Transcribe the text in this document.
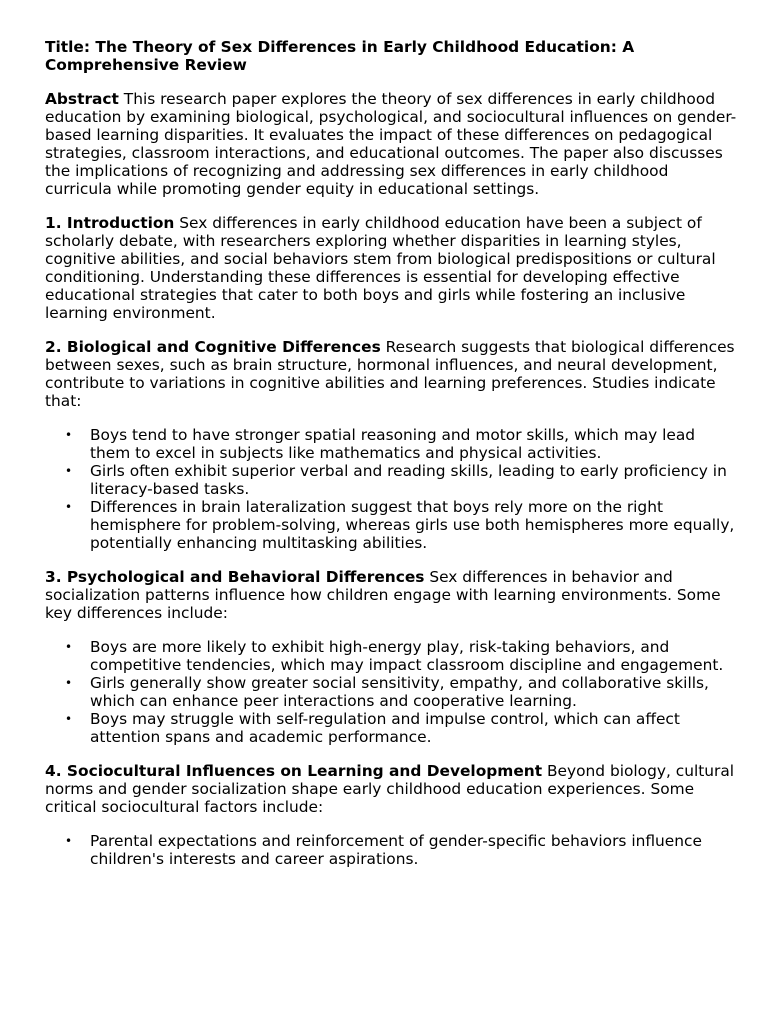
Title: The Theory of Sex Differences in Early Childhood Education: A Comprehensive Review

Abstract This research paper explores the theory of sex differences in early childhood education by examining biological, psychological, and sociocultural influences on gender-based learning disparities. It evaluates the impact of these differences on pedagogical strategies, classroom interactions, and educational outcomes. The paper also discusses the implications of recognizing and addressing sex differences in early childhood curricula while promoting gender equity in educational settings.

1. Introduction Sex differences in early childhood education have been a subject of scholarly debate, with researchers exploring whether disparities in learning styles, cognitive abilities, and social behaviors stem from biological predispositions or cultural conditioning. Understanding these differences is essential for developing effective educational strategies that cater to both boys and girls while fostering an inclusive learning environment.

2. Biological and Cognitive Differences Research suggests that biological differences between sexes, such as brain structure, hormonal influences, and neural development, contribute to variations in cognitive abilities and learning preferences. Studies indicate that:

• Boys tend to have stronger spatial reasoning and motor skills, which may lead them to excel in subjects like mathematics and physical activities.
• Girls often exhibit superior verbal and reading skills, leading to early proficiency in literacy-based tasks.
• Differences in brain lateralization suggest that boys rely more on the right hemisphere for problem-solving, whereas girls use both hemispheres more equally, potentially enhancing multitasking abilities.

3. Psychological and Behavioral Differences Sex differences in behavior and socialization patterns influence how children engage with learning environments. Some key differences include:

• Boys are more likely to exhibit high-energy play, risk-taking behaviors, and competitive tendencies, which may impact classroom discipline and engagement.
• Girls generally show greater social sensitivity, empathy, and collaborative skills, which can enhance peer interactions and cooperative learning.
• Boys may struggle with self-regulation and impulse control, which can affect attention spans and academic performance.

4. Sociocultural Influences on Learning and Development Beyond biology, cultural norms and gender socialization shape early childhood education experiences. Some critical sociocultural factors include:

• Parental expectations and reinforcement of gender-specific behaviors influence children's interests and career aspirations.
